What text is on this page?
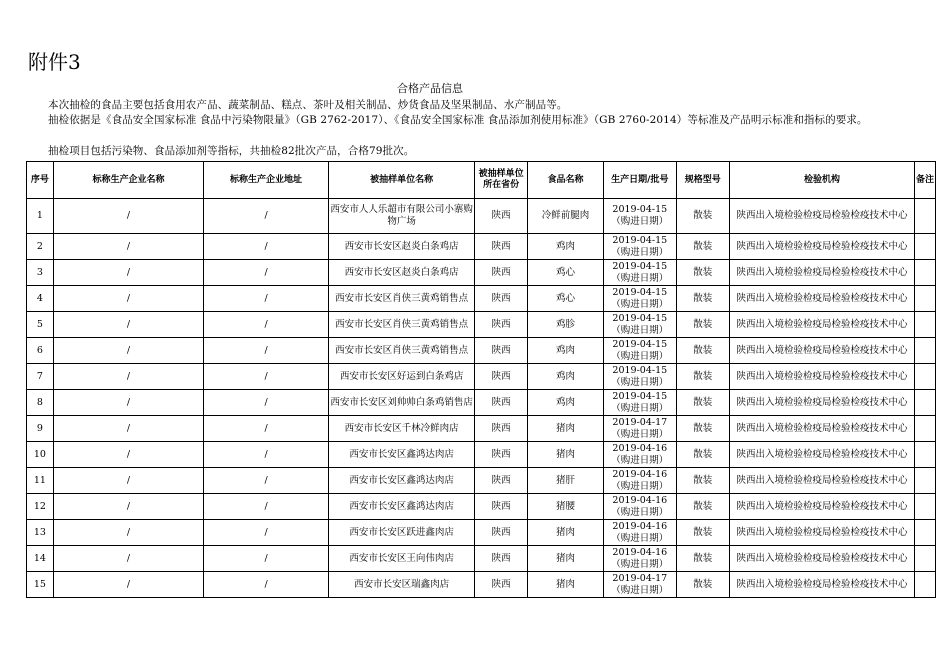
附件3
合格产品信息
本次抽检的食品主要包括食用农产品、蔬菜制品、糕点、茶叶及相关制品、炒货食品及坚果制品、水产制品等。
抽检依据是《食品安全国家标准 食品中污染物限量》（GB 2762-2017）、《食品安全国家标准 食品添加剂使用标准》（GB 2760-2014）等标准及产品明示标准和指标的要求。
抽检项目包括污染物、食品添加剂等指标，共抽检82批次产品，合格79批次。
序号	标称生产企业名称	标称生产企业地址	被抽样单位名称	被抽样单位所在省份	食品名称	生产日期/批号	规格型号	检验机构	备注
1	/	/	西安市人人乐超市有限公司小寨购物广场	陕西	冷鲜前腿肉	2019-04-15（购进日期）	散装	陕西出入境检验检疫局检验检疫技术中心	
2	/	/	西安市长安区赵炎白条鸡店	陕西	鸡肉	2019-04-15（购进日期）	散装	陕西出入境检验检疫局检验检疫技术中心	
3	/	/	西安市长安区赵炎白条鸡店	陕西	鸡心	2019-04-15（购进日期）	散装	陕西出入境检验检疫局检验检疫技术中心	
4	/	/	西安市长安区肖侠三黄鸡销售点	陕西	鸡心	2019-04-15（购进日期）	散装	陕西出入境检验检疫局检验检疫技术中心	
5	/	/	西安市长安区肖侠三黄鸡销售点	陕西	鸡胗	2019-04-15（购进日期）	散装	陕西出入境检验检疫局检验检疫技术中心	
6	/	/	西安市长安区肖侠三黄鸡销售点	陕西	鸡肉	2019-04-15（购进日期）	散装	陕西出入境检验检疫局检验检疫技术中心	
7	/	/	西安市长安区好运到白条鸡店	陕西	鸡肉	2019-04-15（购进日期）	散装	陕西出入境检验检疫局检验检疫技术中心	
8	/	/	西安市长安区刘帅帅白条鸡销售店	陕西	鸡肉	2019-04-15（购进日期）	散装	陕西出入境检验检疫局检验检疫技术中心	
9	/	/	西安市长安区千林冷鲜肉店	陕西	猪肉	2019-04-17（购进日期）	散装	陕西出入境检验检疫局检验检疫技术中心	
10	/	/	西安市长安区鑫鸿达肉店	陕西	猪肉	2019-04-16（购进日期）	散装	陕西出入境检验检疫局检验检疫技术中心	
11	/	/	西安市长安区鑫鸿达肉店	陕西	猪肝	2019-04-16（购进日期）	散装	陕西出入境检验检疫局检验检疫技术中心	
12	/	/	西安市长安区鑫鸿达肉店	陕西	猪腰	2019-04-16（购进日期）	散装	陕西出入境检验检疫局检验检疫技术中心	
13	/	/	西安市长安区跃进鑫肉店	陕西	猪肉	2019-04-16（购进日期）	散装	陕西出入境检验检疫局检验检疫技术中心	
14	/	/	西安市长安区王向伟肉店	陕西	猪肉	2019-04-16（购进日期）	散装	陕西出入境检验检疫局检验检疫技术中心	
15	/	/	西安市长安区瑞鑫肉店	陕西	猪肉	2019-04-17（购进日期）	散装	陕西出入境检验检疫局检验检疫技术中心	
